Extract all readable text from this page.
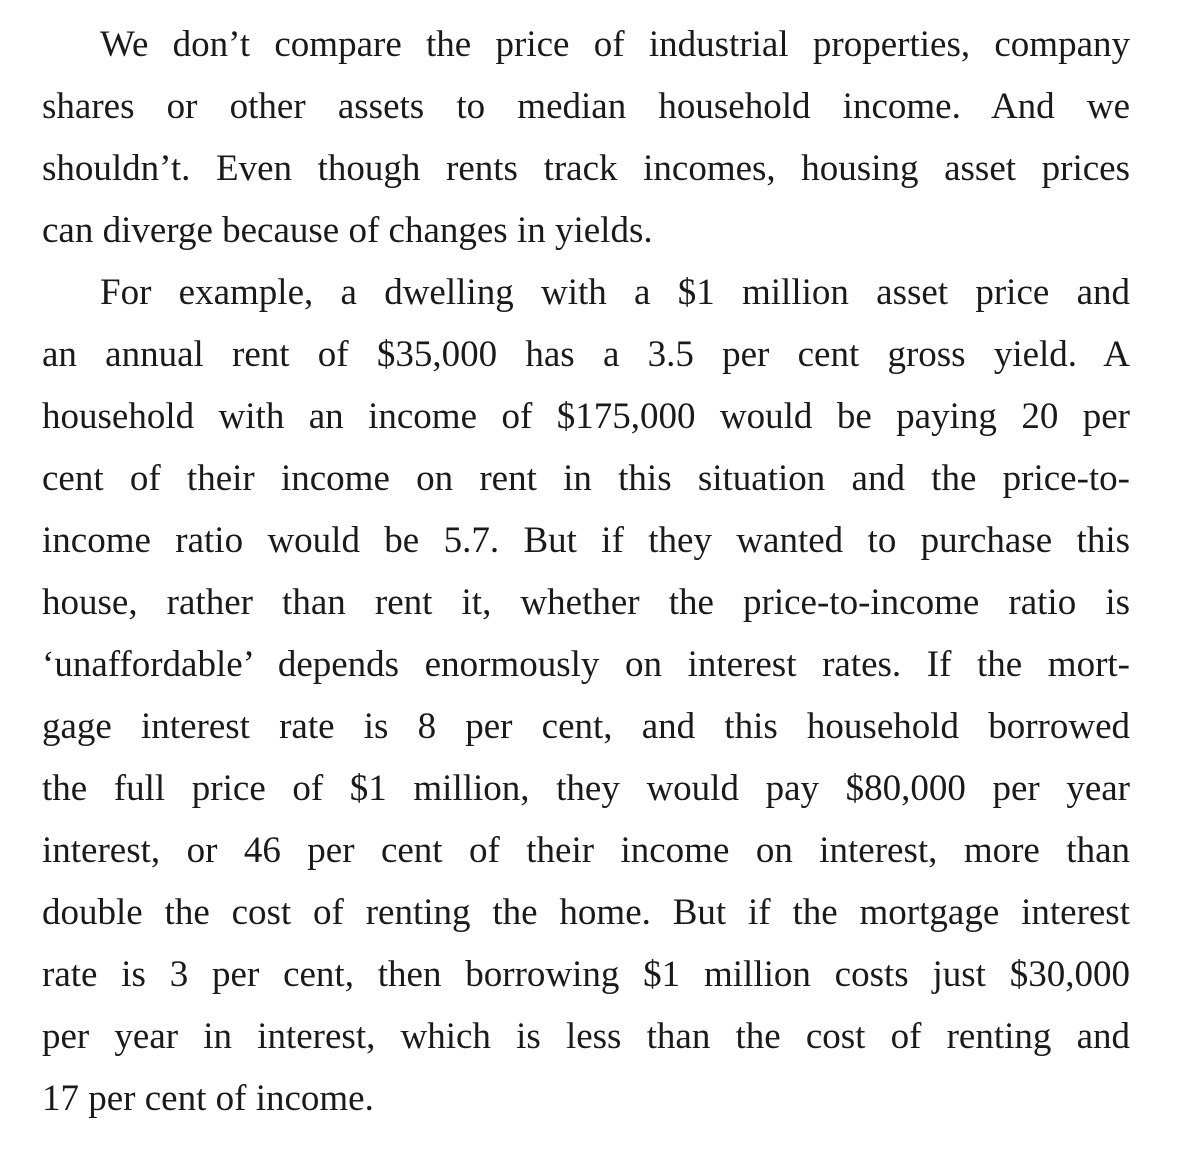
We don’t compare the price of industrial properties, company
shares or other assets to median household income. And we
shouldn’t. Even though rents track incomes, housing asset prices
can diverge because of changes in yields.
For example, a dwelling with a $1 million asset price and
an annual rent of $35,000 has a 3.5 per cent gross yield. A
household with an income of $175,000 would be paying 20 per
cent of their income on rent in this situation and the price-to-
income ratio would be 5.7. But if they wanted to purchase this
house, rather than rent it, whether the price-to-income ratio is
‘unaffordable’ depends enormously on interest rates. If the mort-
gage interest rate is 8 per cent, and this household borrowed
the full price of $1 million, they would pay $80,000 per year
interest, or 46 per cent of their income on interest, more than
double the cost of renting the home. But if the mortgage interest
rate is 3 per cent, then borrowing $1 million costs just $30,000
per year in interest, which is less than the cost of renting and
17 per cent of income.
